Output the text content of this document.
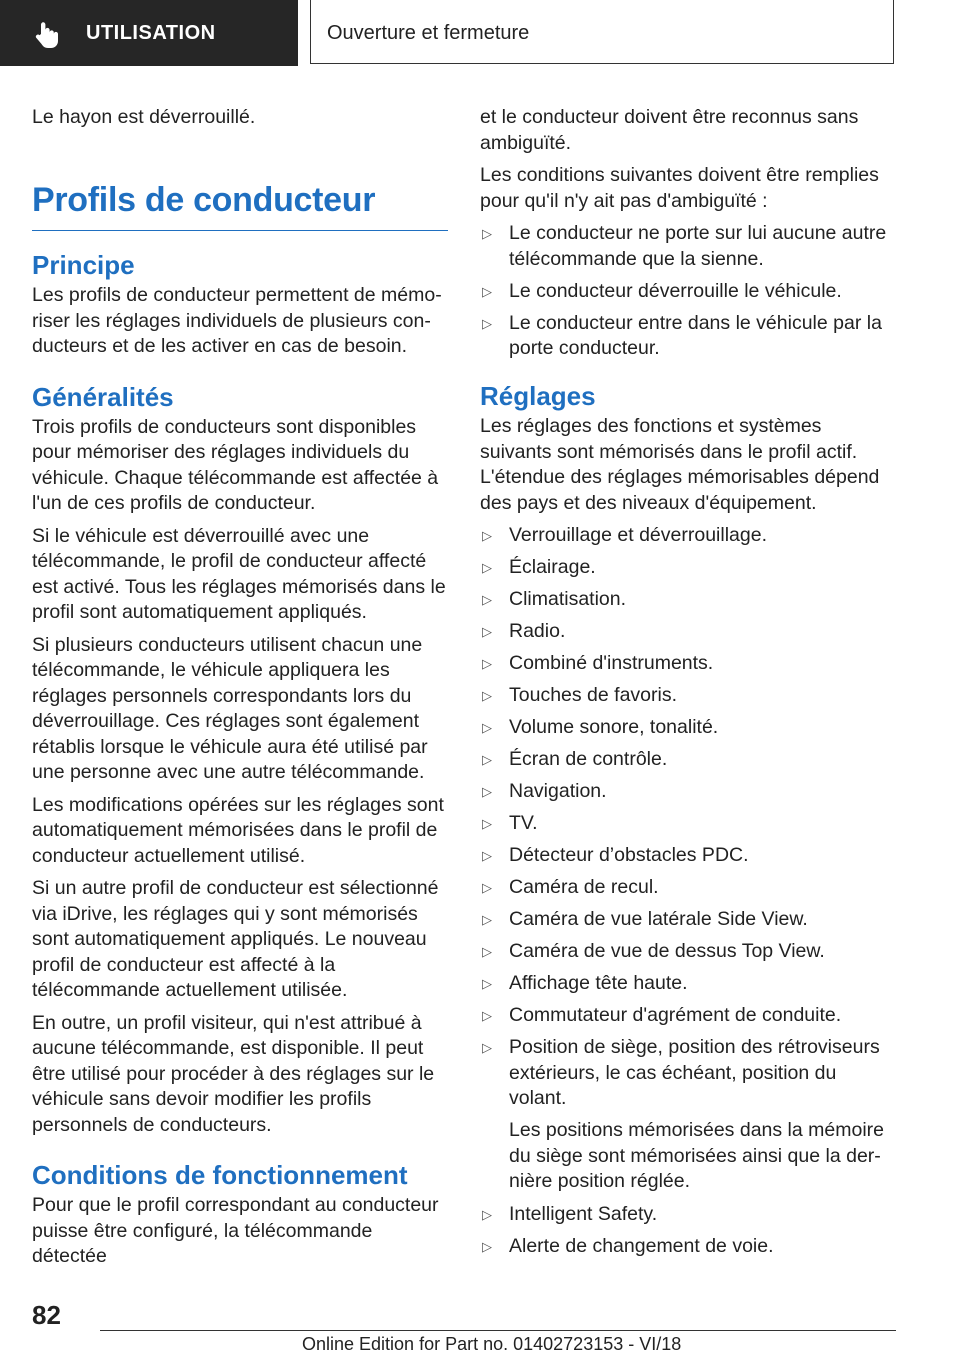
UTILISATION	Ouverture et fermeture

Le hayon est déverrouillé.

Profils de conducteur
Principe

Les profils de conducteur permettent de mémoriser les réglages individuels de plusieurs conducteurs et de les activer en cas de besoin.

Généralités

Trois profils de conducteurs sont disponibles pour mémoriser des réglages individuels du véhicule. Chaque télécommande est affectée à l'un de ces profils de conducteur.

Si le véhicule est déverrouillé avec une télécommande, le profil de conducteur affecté est activé. Tous les réglages mémorisés dans le profil sont automatiquement appliqués.

Si plusieurs conducteurs utilisent chacun une télécommande, le véhicule appliquera les réglages personnels correspondants lors du déverrouillage. Ces réglages sont également rétablis lorsque le véhicule aura été utilisé par une personne avec une autre télécommande.

Les modifications opérées sur les réglages sont automatiquement mémorisées dans le profil de conducteur actuellement utilisé.

Si un autre profil de conducteur est sélectionné via iDrive, les réglages qui y sont mémorisés sont automatiquement appliqués. Le nouveau profil de conducteur est affecté à la télécommande actuellement utilisée.

En outre, un profil visiteur, qui n'est attribué à aucune télécommande, est disponible. Il peut être utilisé pour procéder à des réglages sur le véhicule sans devoir modifier les profils personnels de conducteurs.

Conditions de fonctionnement

Pour que le profil correspondant au conducteur puisse être configuré, la télécommande détectée

et le conducteur doivent être reconnus sans ambiguïté.

Les conditions suivantes doivent être remplies pour qu'il n'y ait pas d'ambiguïté :

▷ Le conducteur ne porte sur lui aucune autre télécommande que la sienne.
▷ Le conducteur déverrouille le véhicule.
▷ Le conducteur entre dans le véhicule par la porte conducteur.
Réglages

Les réglages des fonctions et systèmes suivants sont mémorisés dans le profil actif. L'étendue des réglages mémorisables dépend des pays et des niveaux d'équipement.

▷ Verrouillage et déverrouillage.
▷ Éclairage.
▷ Climatisation.
▷ Radio.
▷ Combiné d'instruments.
▷ Touches de favoris.
▷ Volume sonore, tonalité.
▷ Écran de contrôle.
▷ Navigation.
▷ TV.
▷ Détecteur d’obstacles PDC.
▷ Caméra de recul.
▷ Caméra de vue latérale Side View.
▷ Caméra de vue de dessus Top View.
▷ Affichage tête haute.
▷ Commutateur d'agrément de conduite.
▷ Position de siège, position des rétroviseurs extérieurs, le cas échéant, position du volant.

Les positions mémorisées dans la mémoire du siège sont mémorisées ainsi que la dernière position réglée.

▷ Intelligent Safety.
▷ Alerte de changement de voie.
82
Online Edition for Part no. 01402723153 - VI/18
